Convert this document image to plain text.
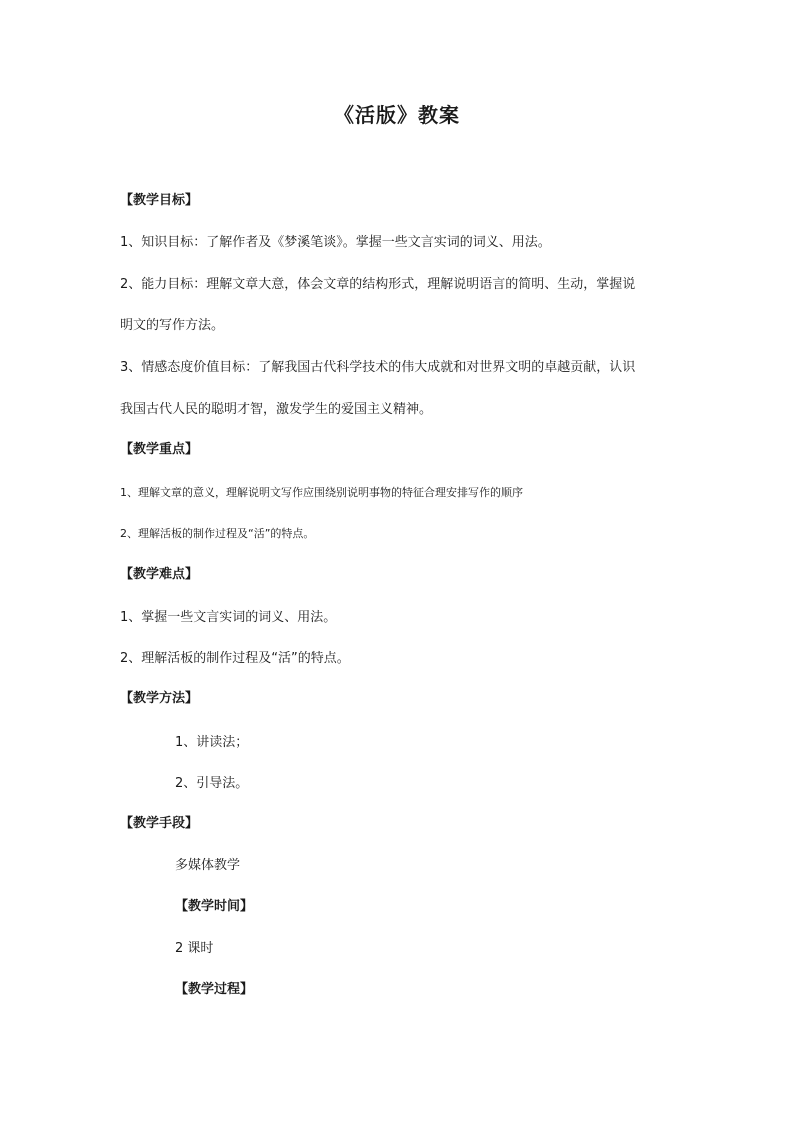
《活版》教案
【教学目标】
1、知识目标：了解作者及《梦溪笔谈》。掌握一些文言实词的词义、用法。
2、能力目标：理解文章大意，体会文章的结构形式，理解说明语言的简明、生动，掌握说
明文的写作方法。
3、情感态度价值目标：了解我国古代科学技术的伟大成就和对世界文明的卓越贡献，认识
我国古代人民的聪明才智，激发学生的爱国主义精神。
【教学重点】
1、理解文章的意义，理解说明文写作应围绕别说明事物的特征合理安排写作的顺序
2、理解活板的制作过程及“活”的特点。
【教学难点】
1、掌握一些文言实词的词义、用法。
2、理解活板的制作过程及“活”的特点。
【教学方法】
1、讲读法；
2、引导法。
【教学手段】
多媒体教学
【教学时间】
2 课时
【教学过程】
